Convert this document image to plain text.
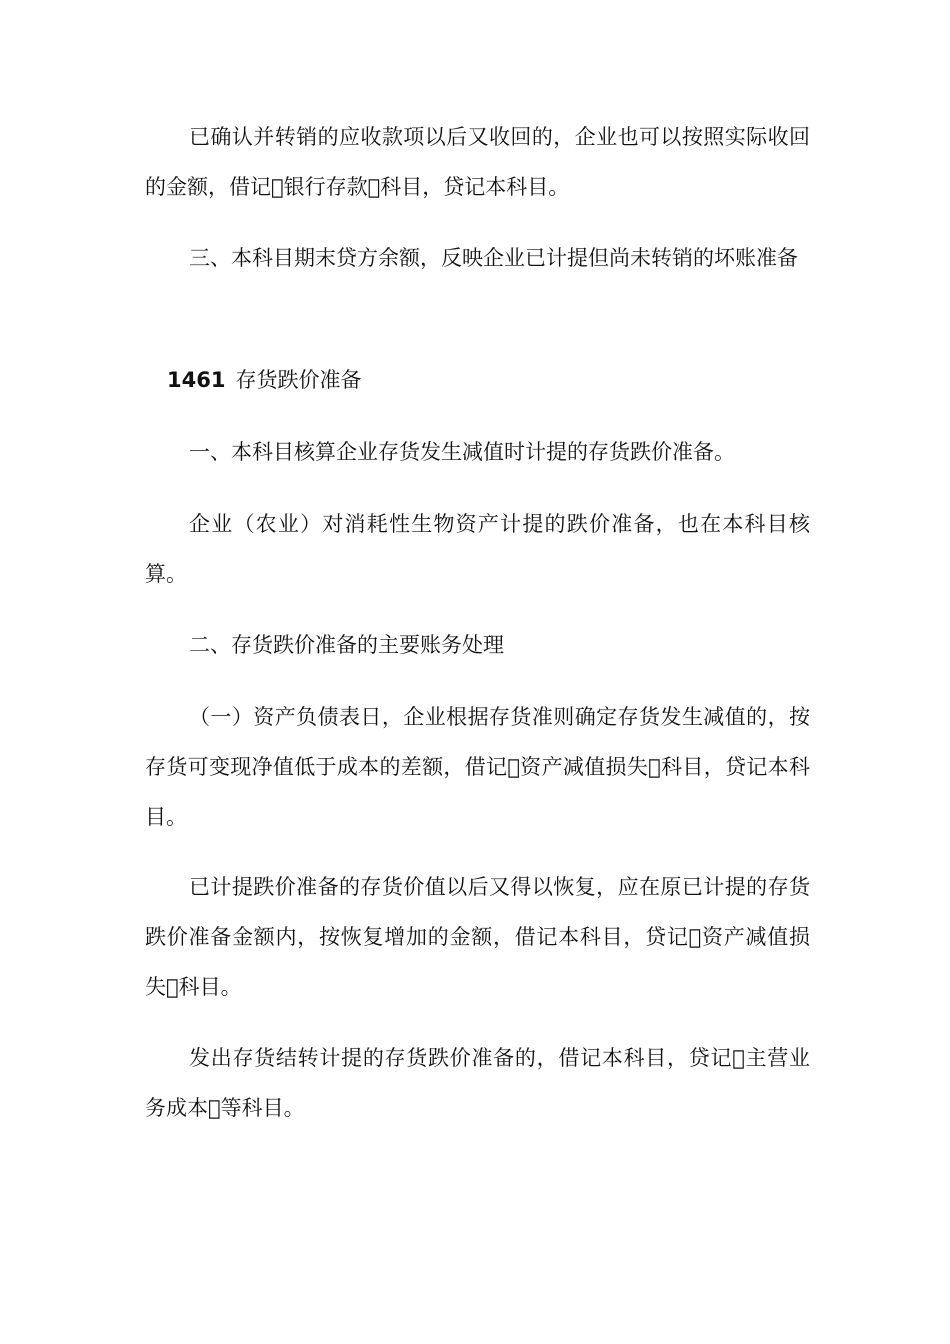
已确认并转销的应收款项以后又收回的，企业也可以按照实际收回的金额，借记 银行存款 科目，贷记本科目。

三、本科目期末贷方余额，反映企业已计提但尚未转销的坏账准备

1461 存货跌价准备

一、本科目核算企业存货发生减值时计提的存货跌价准备。

企业（农业）对消耗性生物资产计提的跌价准备，也在本科目核算。

二、存货跌价准备的主要账务处理

（一）资产负债表日，企业根据存货准则确定存货发生减值的，按存货可变现净值低于成本的差额，借记 资产减值损失 科目，贷记本科目。

已计提跌价准备的存货价值以后又得以恢复，应在原已计提的存货跌价准备金额内，按恢复增加的金额，借记本科目，贷记 资产减值损失 科目。

发出存货结转计提的存货跌价准备的，借记本科目，贷记 主营业务成本 等科目。
